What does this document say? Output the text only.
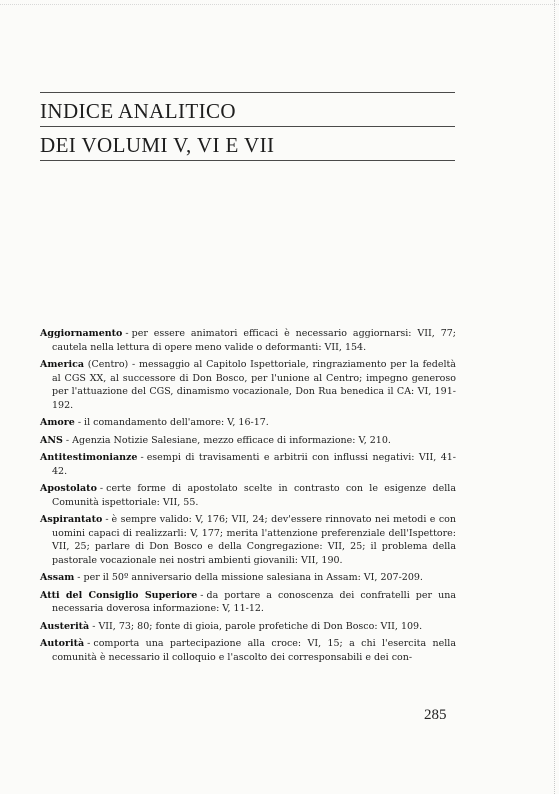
INDICE ANALITICO
DEI VOLUMI V, VI E VII

Aggiornamento - per essere animatori efficaci è necessario aggiornarsi: VII, 77; cautela nella lettura di opere meno valide o deformanti: VII, 154.

America (Centro) - messaggio al Capitolo Ispettoriale, ringraziamento per la fedeltà al CGS XX, al successore di Don Bosco, per l'unione al Centro; impegno generoso per l'attuazione del CGS, dinamismo vocazionale, Don Rua benedica il CA: VI, 191-192.

Amore - il comandamento dell'amore: V, 16-17.

ANS - Agenzia Notizie Salesiane, mezzo efficace di informazione: V, 210.

Antitestimonianze - esempi di travisamenti e arbitrii con influssi negativi: VII, 41-42.

Apostolato - certe forme di apostolato scelte in contrasto con le esigenze della Comunità ispettoriale: VII, 55.

Aspirantato - è sempre valido: V, 176; VII, 24; dev'essere rinnovato nei metodi e con uomini capaci di realizzarli: V, 177; merita l'attenzione preferenziale dell'Ispettore: VII, 25; parlare di Don Bosco e della Congregazione: VII, 25; il problema della pastorale vocazionale nei nostri ambienti giovanili: VII, 190.

Assam - per il 50º anniversario della missione salesiana in Assam: VI, 207-209.

Atti del Consiglio Superiore - da portare a conoscenza dei confratelli per una necessaria doverosa informazione: V, 11-12.

Austerità - VII, 73; 80; fonte di gioia, parole profetiche di Don Bosco: VII, 109.

Autorità - comporta una partecipazione alla croce: VI, 15; a chi l'esercita nella comunità è necessario il colloquio e l'ascolto dei corresponsabili e dei con-

285
